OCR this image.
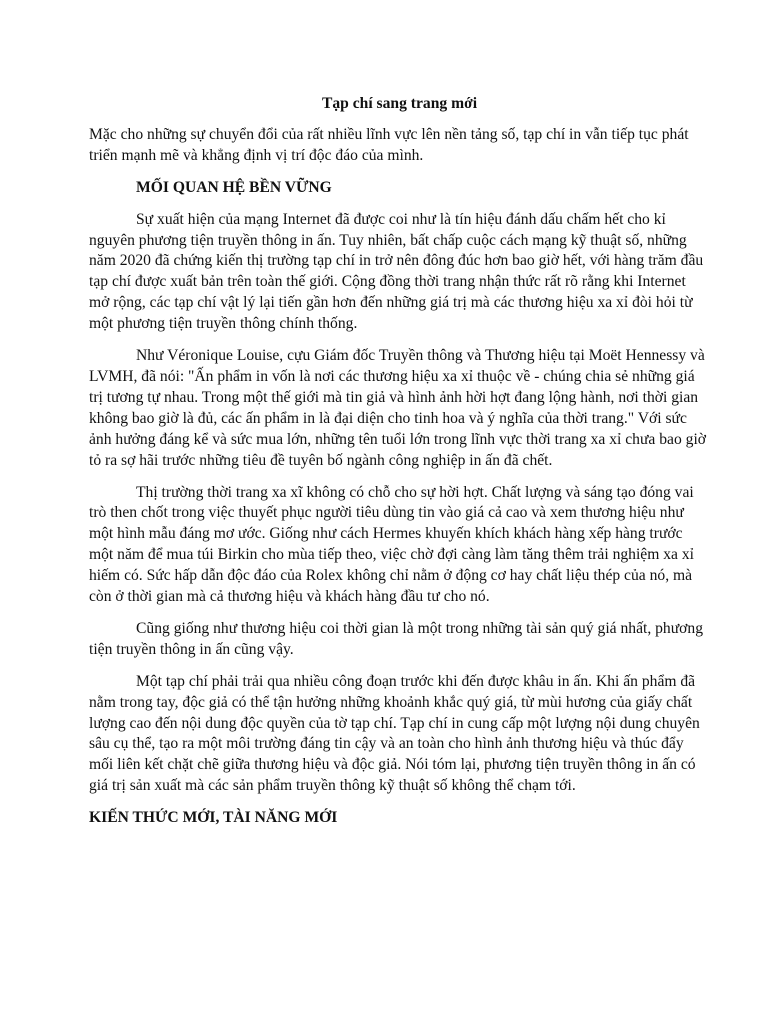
Tạp chí sang trang mới

Mặc cho những sự chuyển đổi của rất nhiều lĩnh vực lên nền tảng số, tạp chí in vẫn tiếp tục phát triển mạnh mẽ và khẳng định vị trí độc đáo của mình.

MỐI QUAN HỆ BỀN VỮNG

Sự xuất hiện của mạng Internet đã được coi như là tín hiệu đánh dấu chấm hết cho kỉ nguyên phương tiện truyền thông in ấn. Tuy nhiên, bất chấp cuộc cách mạng kỹ thuật số, những năm 2020 đã chứng kiến thị trường tạp chí in trở nên đông đúc hơn bao giờ hết, với hàng trăm đầu tạp chí được xuất bản trên toàn thế giới. Cộng đồng thời trang nhận thức rất rõ rằng khi Internet mở rộng, các tạp chí vật lý lại tiến gần hơn đến những giá trị mà các thương hiệu xa xỉ đòi hỏi từ một phương tiện truyền thông chính thống.

Như Véronique Louise, cựu Giám đốc Truyền thông và Thương hiệu tại Moët Hennessy và LVMH, đã nói: "Ấn phẩm in vốn là nơi các thương hiệu xa xỉ thuộc về - chúng chia sẻ những giá trị tương tự nhau. Trong một thế giới mà tin giả và hình ảnh hời hợt đang lộng hành, nơi thời gian không bao giờ là đủ, các ấn phẩm in là đại diện cho tinh hoa và ý nghĩa của thời trang." Với sức ảnh hưởng đáng kể và sức mua lớn, những tên tuổi lớn trong lĩnh vực thời trang xa xỉ chưa bao giờ tỏ ra sợ hãi trước những tiêu đề tuyên bố ngành công nghiệp in ấn đã chết.

Thị trường thời trang xa xĩ không có chỗ cho sự hời hợt. Chất lượng và sáng tạo đóng vai trò then chốt trong việc thuyết phục người tiêu dùng tin vào giá cả cao và xem thương hiệu như một hình mẫu đáng mơ ước. Giống như cách Hermes khuyến khích khách hàng xếp hàng trước một năm để mua túi Birkin cho mùa tiếp theo, việc chờ đợi càng làm tăng thêm trải nghiệm xa xỉ hiếm có. Sức hấp dẫn độc đáo của Rolex không chỉ nằm ở động cơ hay chất liệu thép của nó, mà còn ở thời gian mà cả thương hiệu và khách hàng đầu tư cho nó.

Cũng giống như thương hiệu coi thời gian là một trong những tài sản quý giá nhất, phương tiện truyền thông in ấn cũng vậy.

Một tạp chí phải trải qua nhiều công đoạn trước khi đến được khâu in ấn. Khi ấn phẩm đã nằm trong tay, độc giả có thể tận hưởng những khoảnh khắc quý giá, từ mùi hương của giấy chất lượng cao đến nội dung độc quyền của tờ tạp chí. Tạp chí in cung cấp một lượng nội dung chuyên sâu cụ thể, tạo ra một môi trường đáng tin cậy và an toàn cho hình ảnh thương hiệu và thúc đẩy mối liên kết chặt chẽ giữa thương hiệu và độc giả. Nói tóm lại, phương tiện truyền thông in ấn có giá trị sản xuất mà các sản phẩm truyền thông kỹ thuật số không thể chạm tới.

KIẾN THỨC MỚI, TÀI NĂNG MỚI
